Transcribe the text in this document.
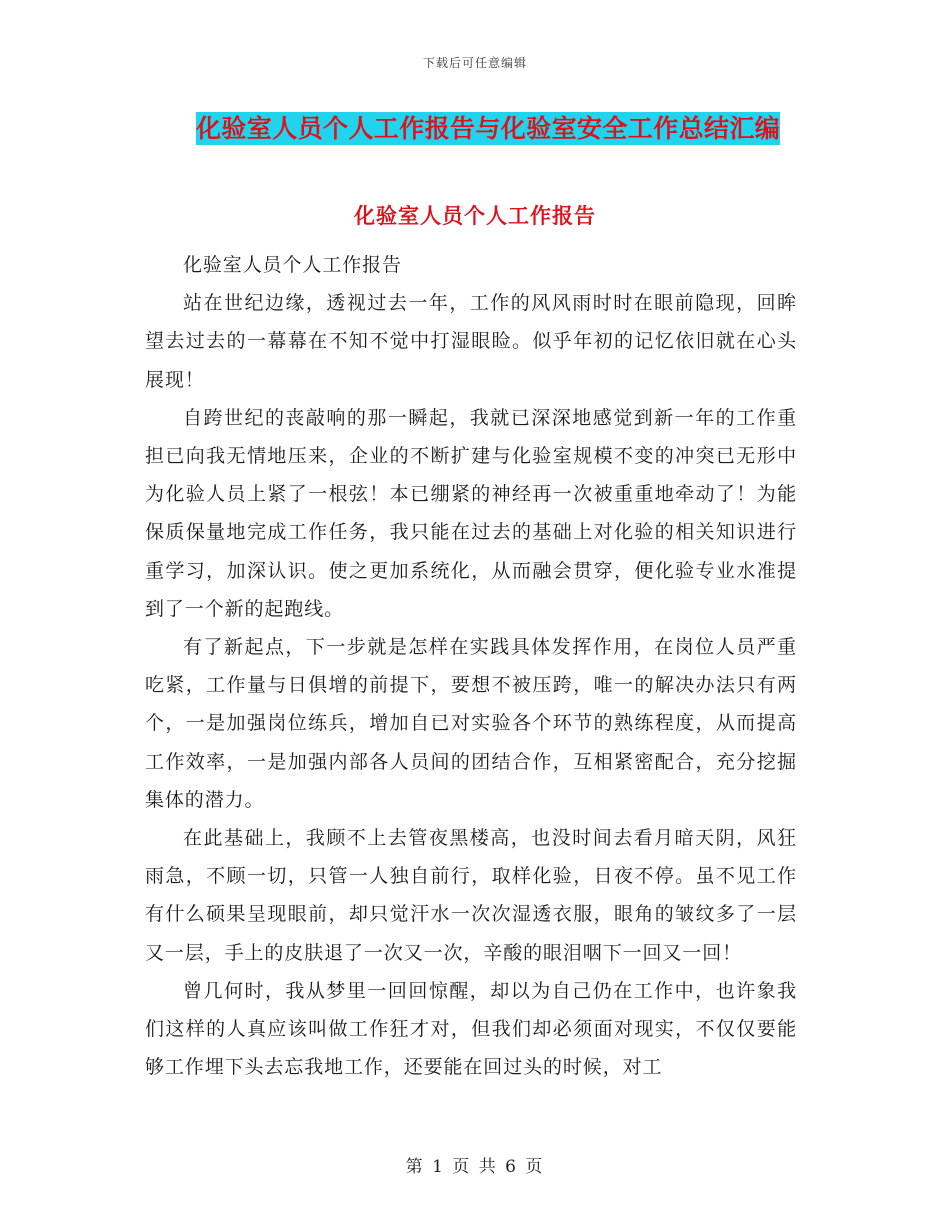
下载后可任意编辑
化验室人员个人工作报告与化验室安全工作总结汇编
化验室人员个人工作报告

化验室人员个人工作报告

站在世纪边缘，透视过去一年，工作的风风雨时时在眼前隐现，回眸望去过去的一幕幕在不知不觉中打湿眼睑。似乎年初的记忆依旧就在心头展现！

自跨世纪的丧敲响的那一瞬起，我就已深深地感觉到新一年的工作重担已向我无情地压来，企业的不断扩建与化验室规模不变的冲突已无形中为化验人员上紧了一根弦！本已绷紧的神经再一次被重重地牵动了！为能保质保量地完成工作任务，我只能在过去的基础上对化验的相关知识进行重学习，加深认识。使之更加系统化，从而融会贯穿，便化验专业水准提到了一个新的起跑线。

有了新起点，下一步就是怎样在实践具体发挥作用，在岗位人员严重吃紧，工作量与日俱增的前提下，要想不被压跨，唯一的解决办法只有两个，一是加强岗位练兵，增加自已对实验各个环节的熟练程度，从而提高工作效率，一是加强内部各人员间的团结合作，互相紧密配合，充分挖掘集体的潜力。

在此基础上，我顾不上去管夜黑楼高，也没时间去看月暗天阴，风狂雨急，不顾一切，只管一人独自前行，取样化验，日夜不停。虽不见工作有什么硕果呈现眼前，却只觉汗水一次次湿透衣服，眼角的皱纹多了一层又一层，手上的皮肤退了一次又一次，辛酸的眼泪咽下一回又一回！

曾几何时，我从梦里一回回惊醒，却以为自己仍在工作中，也许象我们这样的人真应该叫做工作狂才对，但我们却必须面对现实，不仅仅要能够工作埋下头去忘我地工作，还要能在回过头的时候，对工

第 1 页 共 6 页
